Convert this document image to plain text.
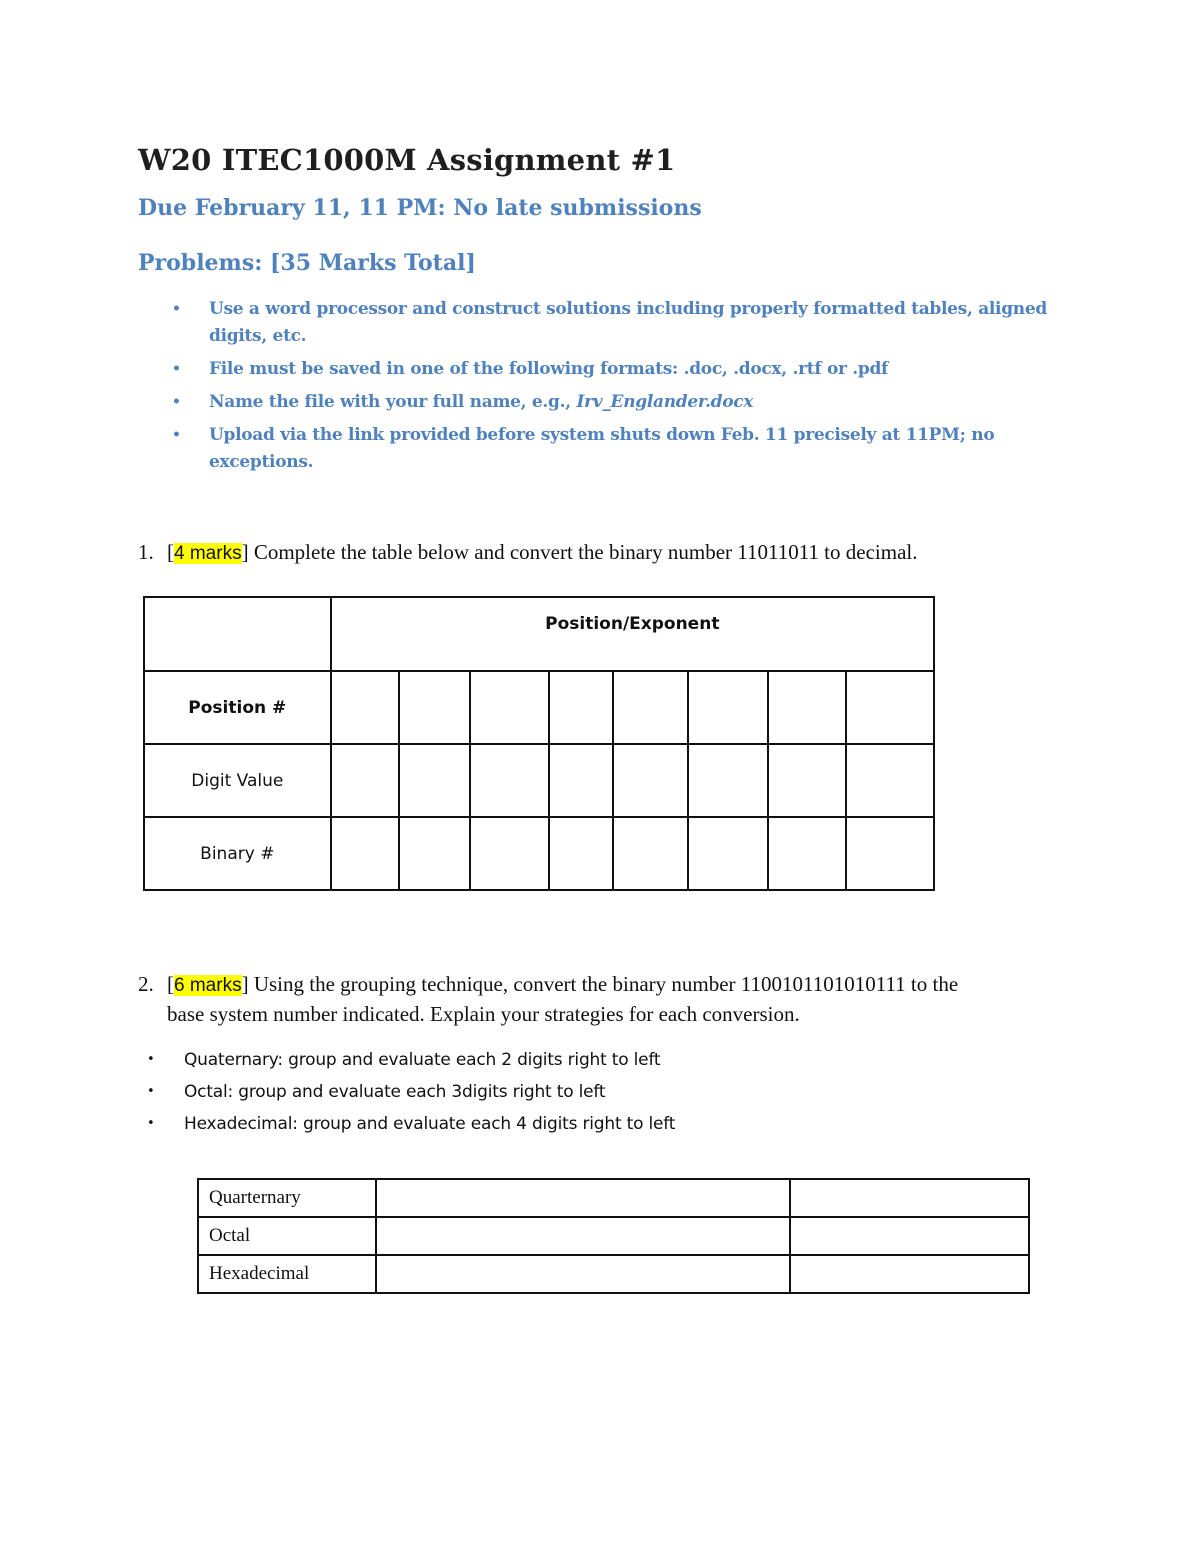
W20 ITEC1000M Assignment #1
Due February 11, 11 PM: No late submissions
Problems: [35 Marks Total]
• Use a word processor and construct solutions including properly formatted tables, aligned digits, etc.
• File must be saved in one of the following formats: .doc, .docx, .rtf or .pdf
• Name the file with your full name, e.g., Irv_Englander.docx
• Upload via the link provided before system shuts down Feb. 11 precisely at 11PM; no exceptions.
1. [4 marks] Complete the table below and convert the binary number 11011011 to decimal.
	Position/Exponent							
Position #								
Digit Value								
Binary #								
2. [6 marks] Using the grouping technique, convert the binary number 1100101101010111 to the
base system number indicated. Explain your strategies for each conversion.
• Quaternary: group and evaluate each 2 digits right to left
• Octal: group and evaluate each 3digits right to left
• Hexadecimal: group and evaluate each 4 digits right to left
Quarternary		
Octal		
Hexadecimal		
